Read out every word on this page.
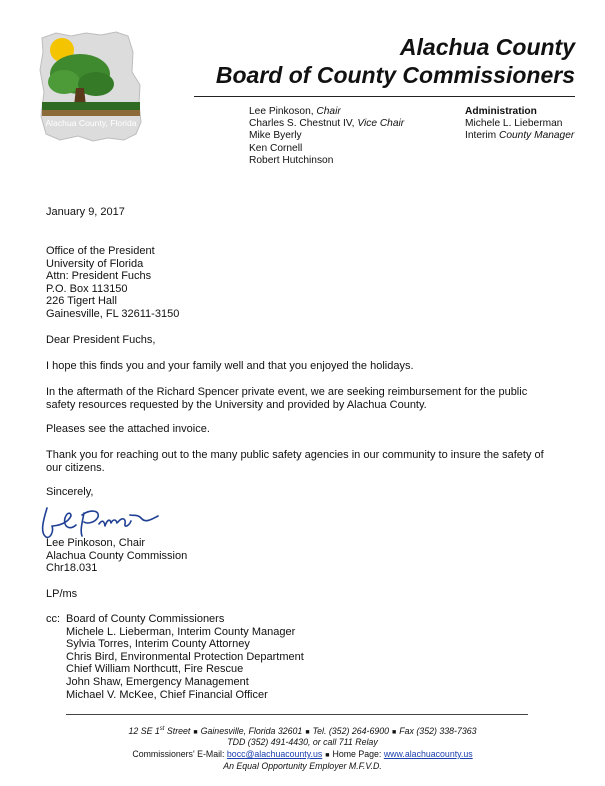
Alachua County, Florida
Alachua County
Board of County Commissioners
Lee Pinkoson, Chair
Charles S. Chestnut IV, Vice Chair
Mike Byerly
Ken Cornell
Robert Hutchinson
Administration
Michele L. Lieberman
Interim County Manager
January 9, 2017

Office of the President

University of Florida

Attn: President Fuchs

P.O. Box 113150

226 Tigert Hall

Gainesville, FL 32611-3150

Dear President Fuchs,
I hope this finds you and your family well and that you enjoyed the holidays.

In the aftermath of the Richard Spencer private event, we are seeking reimbursement for the public

safety resources requested by the University and provided by Alachua County.

Pleases see the attached invoice.

Thank you for reaching out to the many public safety agencies in our community to insure the safety of

our citizens.

Sincerely,

Lee Pinkoson, Chair

Alachua County Commission

Chr18.031

LP/ms
cc: Board of County Commissioners

Michele L. Lieberman, Interim County Manager

Sylvia Torres, Interim County Attorney

Chris Bird, Environmental Protection Department

Chief William Northcutt, Fire Rescue

John Shaw, Emergency Management

Michael V. McKee, Chief Financial Officer

12 SE 1st Street ■ Gainesville, Florida 32601 ■ Tel. (352) 264-6900 ■ Fax (352) 338-7363
TDD (352) 491-4430, or call 711 Relay
Commissioners' E-Mail: bocc@alachuacounty.us ■ Home Page: www.alachuacounty.us
An Equal Opportunity Employer M.F.V.D.
